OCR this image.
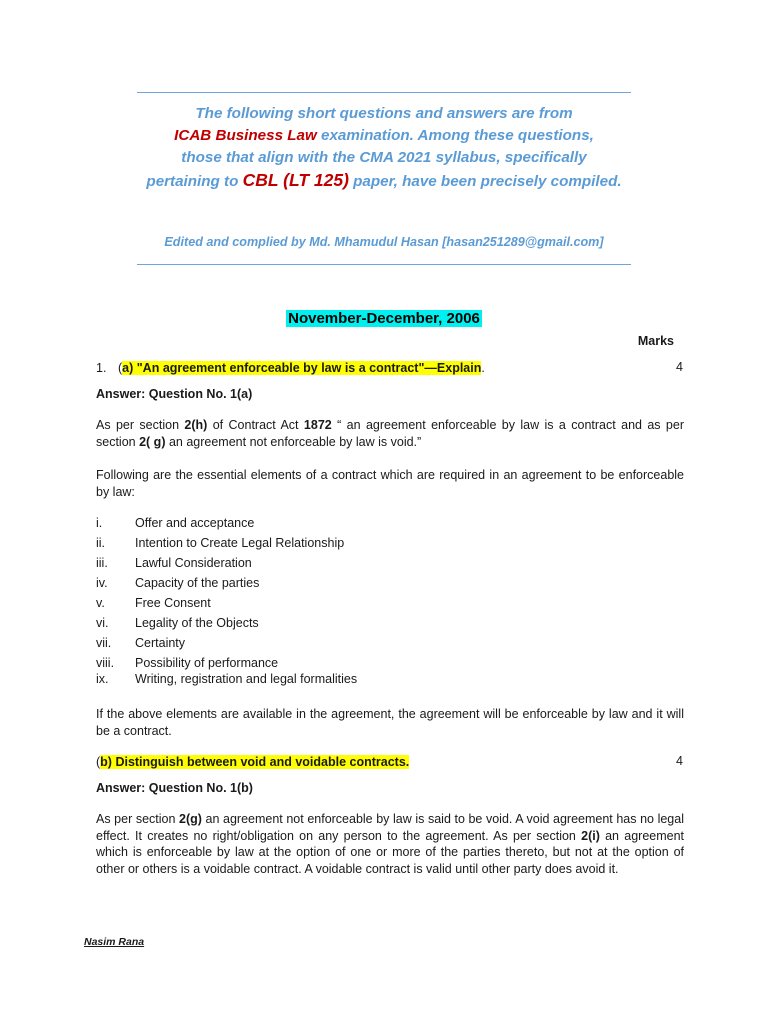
The following short questions and answers are from
ICAB Business Law examination. Among these questions,
those that align with the CMA 2021 syllabus, specifically
pertaining to CBL (LT 125) paper, have been precisely compiled.
Edited and complied by Md. Mhamudul Hasan [hasan251289@gmail.com]
November-December, 2006
Marks
1. (a) "An agreement enforceable by law is a contract"—Explain.	4
Answer: Question No. 1(a)
As per section 2(h) of Contract Act 1872 “ an agreement enforceable by law is a contract and as per section 2( g) an agreement not enforceable by law is void.”
Following are the essential elements of a contract which are required in an agreement to be enforceable by law:
i.	Offer and acceptance
ii. Intention to Create Legal Relationship
iii. Lawful Consideration
iv. Capacity of the parties
v. Free Consent
vi. Legality of the Objects
vii. Certainty
viii. Possibility of performance
ix. Writing, registration and legal formalities
If the above elements are available in the agreement, the agreement will be enforceable by law and it will be a contract.
(b) Distinguish between void and voidable contracts.	4
Answer: Question No. 1(b)
As per section 2(g) an agreement not enforceable by law is said to be void. A void agreement has no legal effect. It creates no right/obligation on any person to the agreement. As per section 2(i) an agreement which is enforceable by law at the option of one or more of the parties thereto, but not at the option of other or others is a voidable contract. A voidable contract is valid until other party does avoid it.
Nasim Rana
